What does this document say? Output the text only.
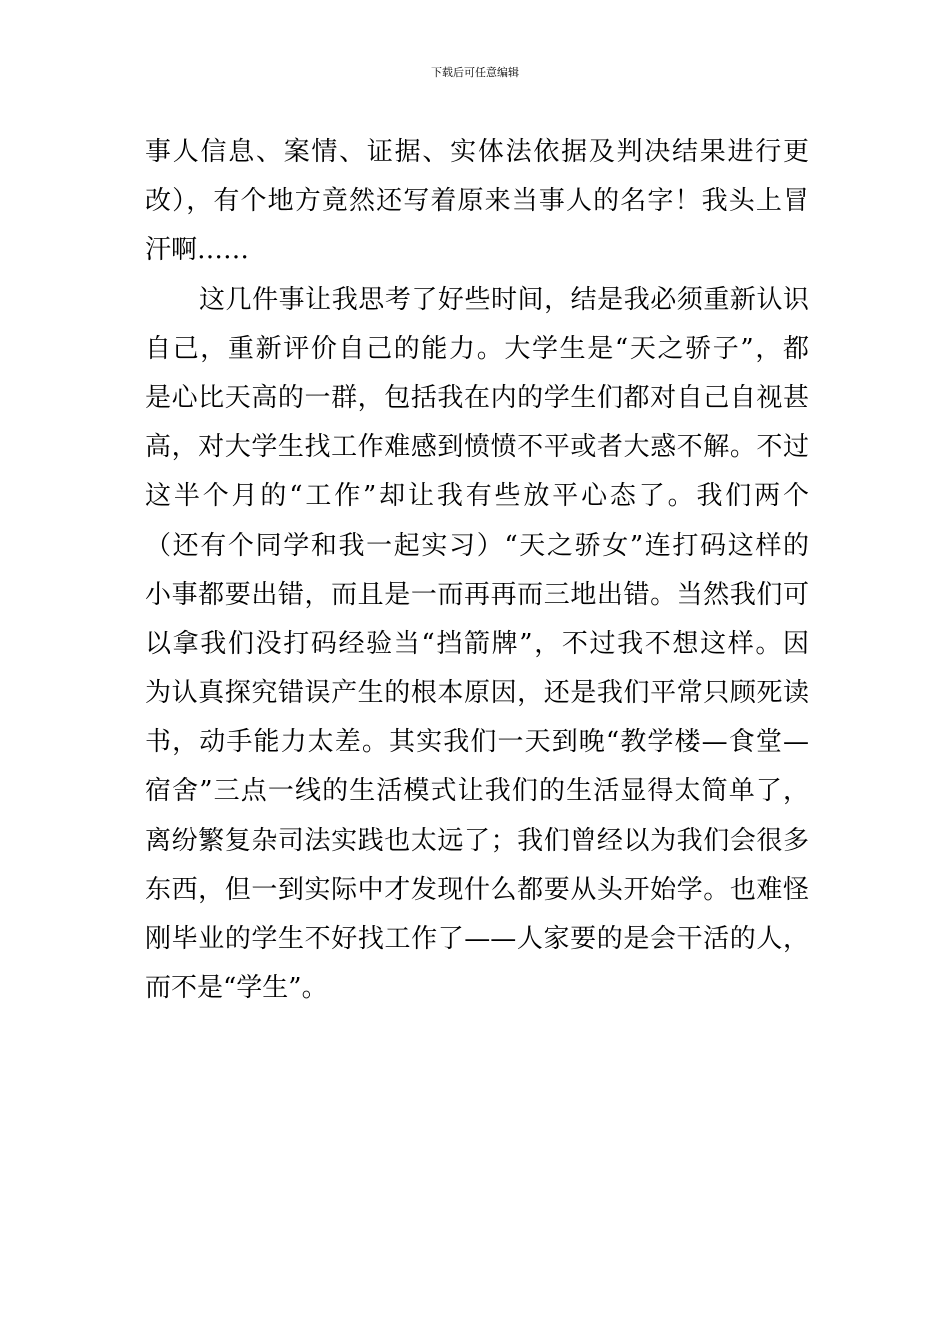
下载后可任意编辑
事人信息、案情、证据、实体法依据及判决结果进行更
改），有个地方竟然还写着原来当事人的名字！我头上冒
汗啊……
这几件事让我思考了好些时间，结是我必须重新认识
自己，重新评价自己的能力。大学生是“天之骄子”，都
是心比天高的一群，包括我在内的学生们都对自己自视甚
高，对大学生找工作难感到愤愤不平或者大惑不解。不过
这半个月的“工作”却让我有些放平心态了。我们两个
（还有个同学和我一起实习）“天之骄女”连打码这样的
小事都要出错，而且是一而再再而三地出错。当然我们可
以拿我们没打码经验当“挡箭牌”，不过我不想这样。因
为认真探究错误产生的根本原因，还是我们平常只顾死读
书，动手能力太差。其实我们一天到晚“教学楼—食堂—
宿舍”三点一线的生活模式让我们的生活显得太简单了，
离纷繁复杂司法实践也太远了；我们曾经以为我们会很多
东西，但一到实际中才发现什么都要从头开始学。也难怪
刚毕业的学生不好找工作了——人家要的是会干活的人，
而不是“学生”。
